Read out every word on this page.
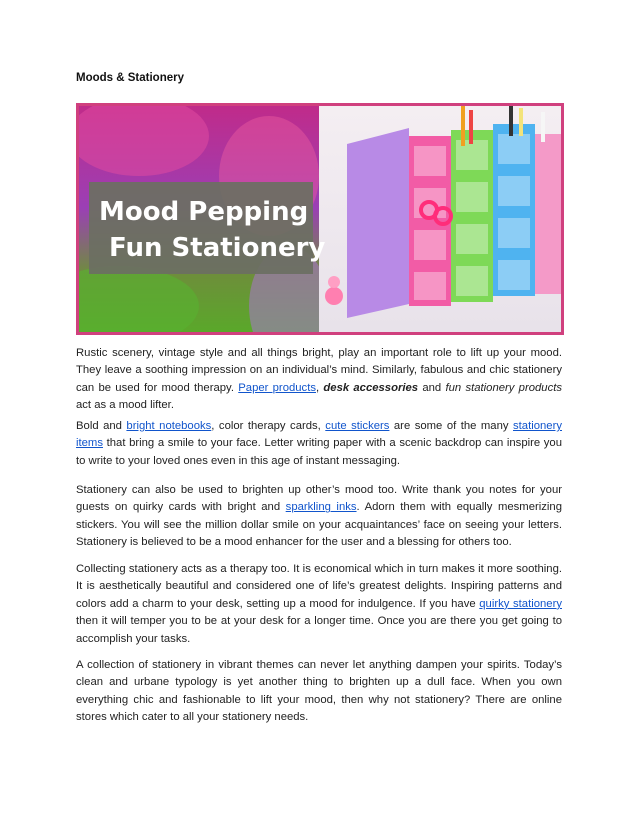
Moods & Stationery
Mood Pepping
Fun Stationery

Rustic scenery, vintage style and all things bright, play an important role to lift up your mood. They leave a soothing impression on an individual’s mind. Similarly, fabulous and chic stationery can be used for mood therapy. Paper products, desk accessories and fun stationery products act as a mood lifter.

Bold and bright notebooks, color therapy cards, cute stickers are some of the many stationery items that bring a smile to your face. Letter writing paper with a scenic backdrop can inspire you to write to your loved ones even in this age of instant messaging.

Stationery can also be used to brighten up other’s mood too. Write thank you notes for your guests on quirky cards with bright and sparkling inks. Adorn them with equally mesmerizing stickers. You will see the million dollar smile on your acquaintances’ face on seeing your letters. Stationery is believed to be a mood enhancer for the user and a blessing for others too.

Collecting stationery acts as a therapy too. It is economical which in turn makes it more soothing. It is aesthetically beautiful and considered one of life’s greatest delights. Inspiring patterns and colors add a charm to your desk, setting up a mood for indulgence. If you have quirky stationery then it will temper you to be at your desk for a longer time. Once you are there you get going to accomplish your tasks.

A collection of stationery in vibrant themes can never let anything dampen your spirits. Today’s clean and urbane typology is yet another thing to brighten up a dull face. When you own everything chic and fashionable to lift your mood, then why not stationery? There are online stores which cater to all your stationery needs.
